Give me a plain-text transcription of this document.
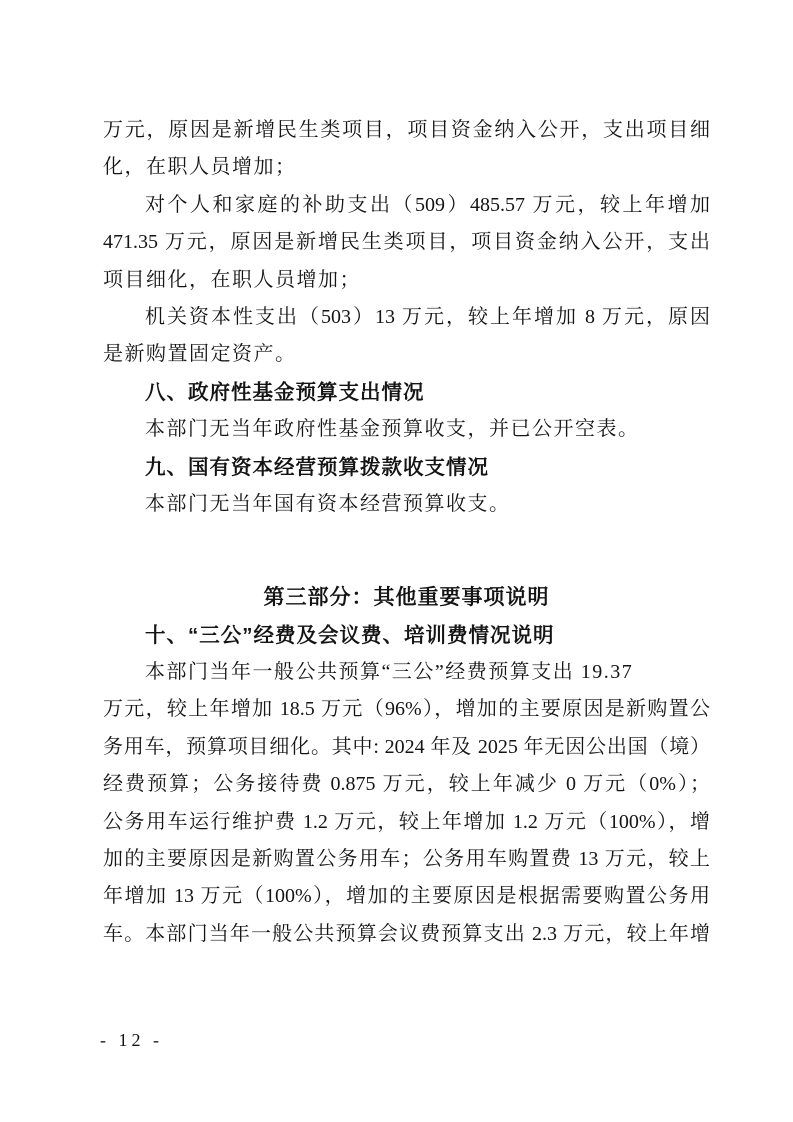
万元，原因是新增民生类项目，项目资金纳入公开，支出项目细
化，在职人员增加；
对个人和家庭的补助支出（509）485.57 万元，较上年增加
471.35 万元，原因是新增民生类项目，项目资金纳入公开，支出
项目细化，在职人员增加；
机关资本性支出（503）13 万元，较上年增加 8 万元，原因
是新购置固定资产。
八、政府性基金预算支出情况
本部门无当年政府性基金预算收支，并已公开空表。
九、国有资本经营预算拨款收支情况
本部门无当年国有资本经营预算收支。
第三部分：其他重要事项说明
十、“三公”经费及会议费、培训费情况说明
本部门当年一般公共预算“三公”经费预算支出 19.37
万元，较上年增加 18.5 万元（96%），增加的主要原因是新购置公
务用车，预算项目细化。其中: 2024 年及 2025 年无因公出国（境）
经费预算；公务接待费 0.875 万元，较上年减少 0 万元（0%）；
公务用车运行维护费 1.2 万元，较上年增加 1.2 万元（100%），增
加的主要原因是新购置公务用车；公务用车购置费 13 万元，较上
年增加 13 万元（100%），增加的主要原因是根据需要购置公务用
车。本部门当年一般公共预算会议费预算支出 2.3 万元，较上年增
- 12 -
